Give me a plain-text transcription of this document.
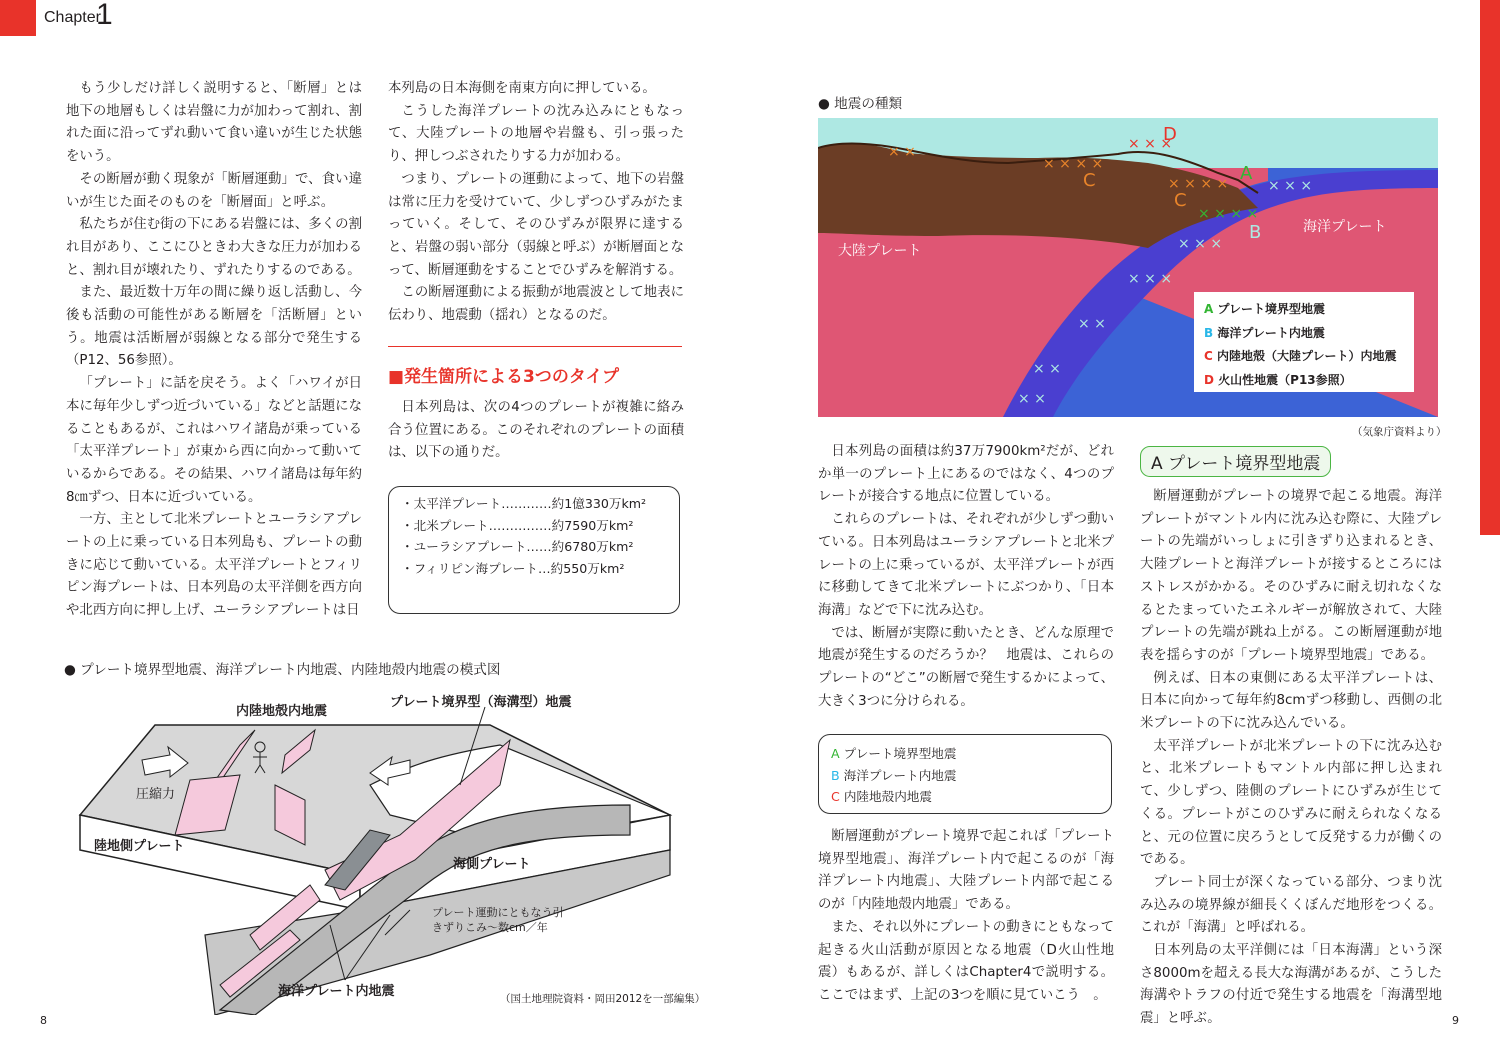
Chapter
1

もう少しだけ詳しく説明すると、「断層」とは地下の地層もしくは岩盤に力が加わって割れ、割れた面に沿ってずれ動いて食い違いが生じた状態をいう。

その断層が動く現象が「断層運動」で、食い違いが生じた面そのものを「断層面」と呼ぶ。

私たちが住む街の下にある岩盤には、多くの割れ目があり、ここにひときわ大きな圧力が加わると、割れ目が壊れたり、ずれたりするのである。

また、最近数十万年の間に繰り返し活動し、今後も活動の可能性がある断層を「活断層」という。地震は活断層が弱線となる部分で発生する（P12、56参照）。

「プレート」に話を戻そう。よく「ハワイが日本に毎年少しずつ近づいている」などと話題になることもあるが、これはハワイ諸島が乗っている「太平洋プレート」が東から西に向かって動いているからである。その結果、ハワイ諸島は毎年約8㎝ずつ、日本に近づいている。

一方、主として北米プレートとユーラシアプレートの上に乗っている日本列島も、プレートの動きに応じて動いている。太平洋プレートとフィリピン海プレートは、日本列島の太平洋側を西方向や北西方向に押し上げ、ユーラシアプレートは日

本列島の日本海側を南東方向に押している。

こうした海洋プレートの沈み込みにともなって、大陸プレートの地層や岩盤も、引っ張ったり、押しつぶされたりする力が加わる。

つまり、プレートの運動によって、地下の岩盤は常に圧力を受けていて、少しずつひずみがたまっていく。そして、そのひずみが限界に達すると、岩盤の弱い部分（弱線と呼ぶ）が断層面となって、断層運動をすることでひずみを解消する。

この断層運動による振動が地震波として地表に伝わり、地震動（揺れ）となるのだ。

■発生箇所による3つのタイプ

日本列島は、次の4つのプレートが複雑に絡み合う位置にある。このそれぞれのプレートの面積は、以下の通りだ。

・太平洋プレート…………約1億330万km²
・北米プレート……………約7590万km²
・ユーラシアプレート……約6780万km²
・フィリピン海プレート…約550万km²
● プレート境界型地震、海洋プレート内地震、内陸地殻内地震の模式図
内陸地殻内地震
プレート境界型（海溝型）地震
圧縮力
陸地側プレート
海側プレート
プレート運動にともなう引きずりこみ～数cm／年
海洋プレート内地震	（国土地理院資料・岡田2012を一部編集）
8
● 地震の種類
× ×
× × × ×
× × ×
× × × ×
× × × ×
× × ×
× × ×
× × ×
× ×
× ×
× ×
大陸プレート
海洋プレート
A
B
C
C
D
A プレート境界型地震
B 海洋プレート内地震
C 内陸地殻（大陸プレート）内地震
D 火山性地震（P13参照）
（気象庁資料より）

日本列島の面積は約37万7900km²だが、どれか単一のプレート上にあるのではなく、4つのプレートが接合する地点に位置している。

これらのプレートは、それぞれが少しずつ動いている。日本列島はユーラシアプレートと北米プレートの上に乗っているが、太平洋プレートが西に移動してきて北米プレートにぶつかり、「日本海溝」などで下に沈み込む。

では、断層が実際に動いたとき、どんな原理で地震が発生するのだろうか？　地震は、これらのプレートの“どこ”の断層で発生するかによって、大きく3つに分けられる。

A プレート境界型地震
B 海洋プレート内地震
C 内陸地殻内地震

断層運動がプレート境界で起これば「プレート境界型地震」、海洋プレート内で起こるのが「海洋プレート内地震」、大陸プレート内部で起こるのが「内陸地殻内地震」である。

また、それ以外にプレートの動きにともなって起きる火山活動が原因となる地震（D火山性地震）もあるが、詳しくはChapter4で説明する。ここではまず、上記の3つを順に見ていこう　。

A プレート境界型地震

断層運動がプレートの境界で起こる地震。海洋プレートがマントル内に沈み込む際に、大陸プレートの先端がいっしょに引きずり込まれるとき、大陸プレートと海洋プレートが接するところにはストレスがかかる。そのひずみに耐え切れなくなるとたまっていたエネルギーが解放されて、大陸プレートの先端が跳ね上がる。この断層運動が地表を揺らすのが「プレート境界型地震」である。

例えば、日本の東側にある太平洋プレートは、日本に向かって毎年約8cmずつ移動し、西側の北米プレートの下に沈み込んでいる。

太平洋プレートが北米プレートの下に沈み込むと、北米プレートもマントル内部に押し込まれて、少しずつ、陸側のプレートにひずみが生じてくる。プレートがこのひずみに耐えられなくなると、元の位置に戻ろうとして反発する力が働くのである。

プレート同士が深くなっている部分、つまり沈み込みの境界線が細長くくぼんだ地形をつくる。これが「海溝」と呼ばれる。

日本列島の太平洋側には「日本海溝」という深さ8000mを超える長大な海溝があるが、こうした海溝やトラフの付近で発生する地震を「海溝型地震」と呼ぶ。	9
